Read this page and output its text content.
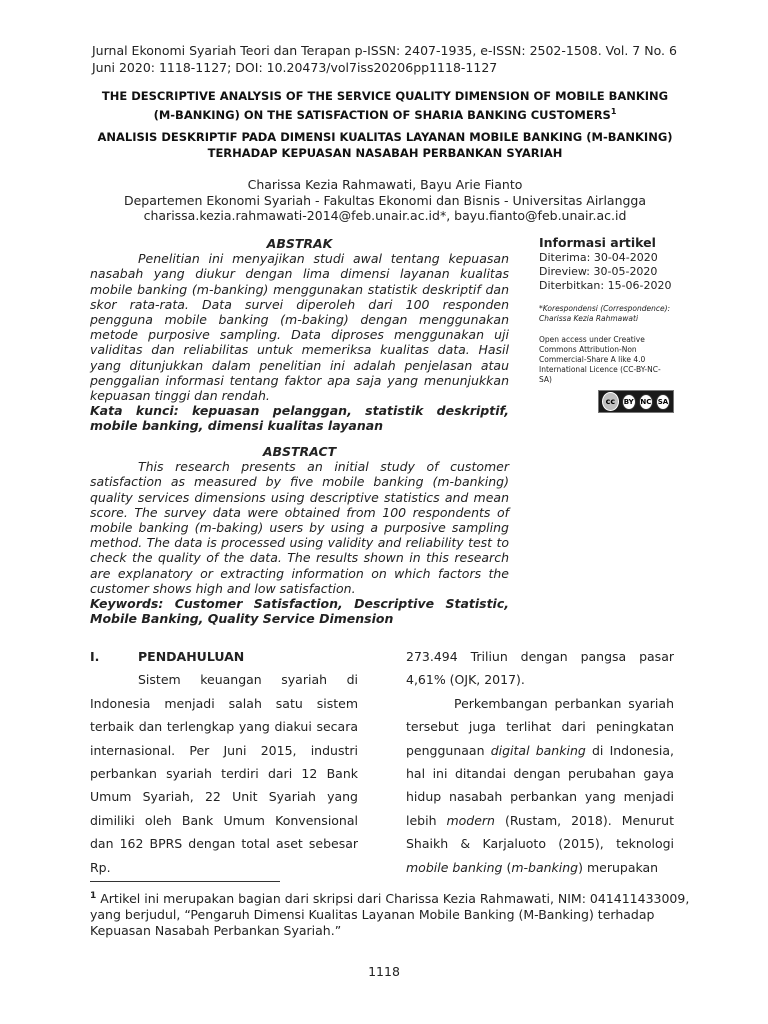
Jurnal Ekonomi Syariah Teori dan Terapan p-ISSN: 2407-1935, e-ISSN: 2502-1508. Vol. 7 No. 6
Juni 2020: 1118-1127; DOI: 10.20473/vol7iss20206pp1118-1127
THE DESCRIPTIVE ANALYSIS OF THE SERVICE QUALITY DIMENSION OF MOBILE BANKING (M-BANKING) ON THE SATISFACTION OF SHARIA BANKING CUSTOMERS$^1$
ANALISIS DESKRIPTIF PADA DIMENSI KUALITAS LAYANAN MOBILE BANKING (M-BANKING) TERHADAP KEPUASAN NASABAH PERBANKAN SYARIAH
Charissa Kezia Rahmawati, Bayu Arie Fianto
Departemen Ekonomi Syariah - Fakultas Ekonomi dan Bisnis - Universitas Airlangga
charissa.kezia.rahmawati-2014@feb.unair.ac.id*, bayu.fianto@feb.unair.ac.id
ABSTRAK

Penelitian ini menyajikan studi awal tentang kepuasan nasabah yang diukur dengan lima dimensi layanan kualitas mobile banking (m-banking) menggunakan statistik deskriptif dan skor rata-rata. Data survei diperoleh dari 100 responden pengguna mobile banking (m-baking) dengan menggunakan metode purposive sampling. Data diproses menggunakan uji validitas dan reliabilitas untuk memeriksa kualitas data. Hasil yang ditunjukkan dalam penelitian ini adalah penjelasan atau penggalian informasi tentang faktor apa saja yang menunjukkan kepuasan tinggi dan rendah.

Kata kunci: kepuasan pelanggan, statistik deskriptif, mobile banking, dimensi kualitas layanan

ABSTRACT

This research presents an initial study of customer satisfaction as measured by five mobile banking (m-banking) quality services dimensions using descriptive statistics and mean score. The survey data were obtained from 100 respondents of mobile banking (m-baking) users by using a purposive sampling method. The data is processed using validity and reliability test to check the quality of the data. The results shown in this research are explanatory or extracting information on which factors the customer shows high and low satisfaction.

Keywords: Customer Satisfaction, Descriptive Statistic, Mobile Banking, Quality Service Dimension

Informasi artikel
Diterima: 30-04-2020
Direview: 30-05-2020
Diterbitkan: 15-06-2020
*Korespondensi (Correspondence):
Charissa Kezia Rahmawati
Open access under Creative Commons Attribution-Non Commercial-Share A like 4.0 International Licence (CC-BY-NC-SA)
cc	BY NC SA
I.	PENDAHULUAN

Sistem keuangan syariah di Indonesia menjadi salah satu sistem terbaik dan terlengkap yang diakui secara internasional. Per Juni 2015, industri perbankan syariah terdiri dari 12 Bank Umum Syariah, 22 Unit Syariah yang dimiliki oleh Bank Umum Konvensional dan 162 BPRS dengan total aset sebesar Rp.

273.494 Triliun dengan pangsa pasar 4,61% (OJK, 2017).

Perkembangan perbankan syariah tersebut juga terlihat dari peningkatan penggunaan digital banking di Indonesia, hal ini ditandai dengan perubahan gaya hidup nasabah perbankan yang menjadi lebih modern (Rustam, 2018). Menurut Shaikh & Karjaluoto (2015), teknologi mobile banking (m-banking) merupakan

$^1$ Artikel ini merupakan bagian dari skripsi dari Charissa Kezia Rahmawati, NIM: 041411433009, yang berjudul, “Pengaruh Dimensi Kualitas Layanan Mobile Banking (M-Banking) terhadap Kepuasan Nasabah Perbankan Syariah.”
1118
